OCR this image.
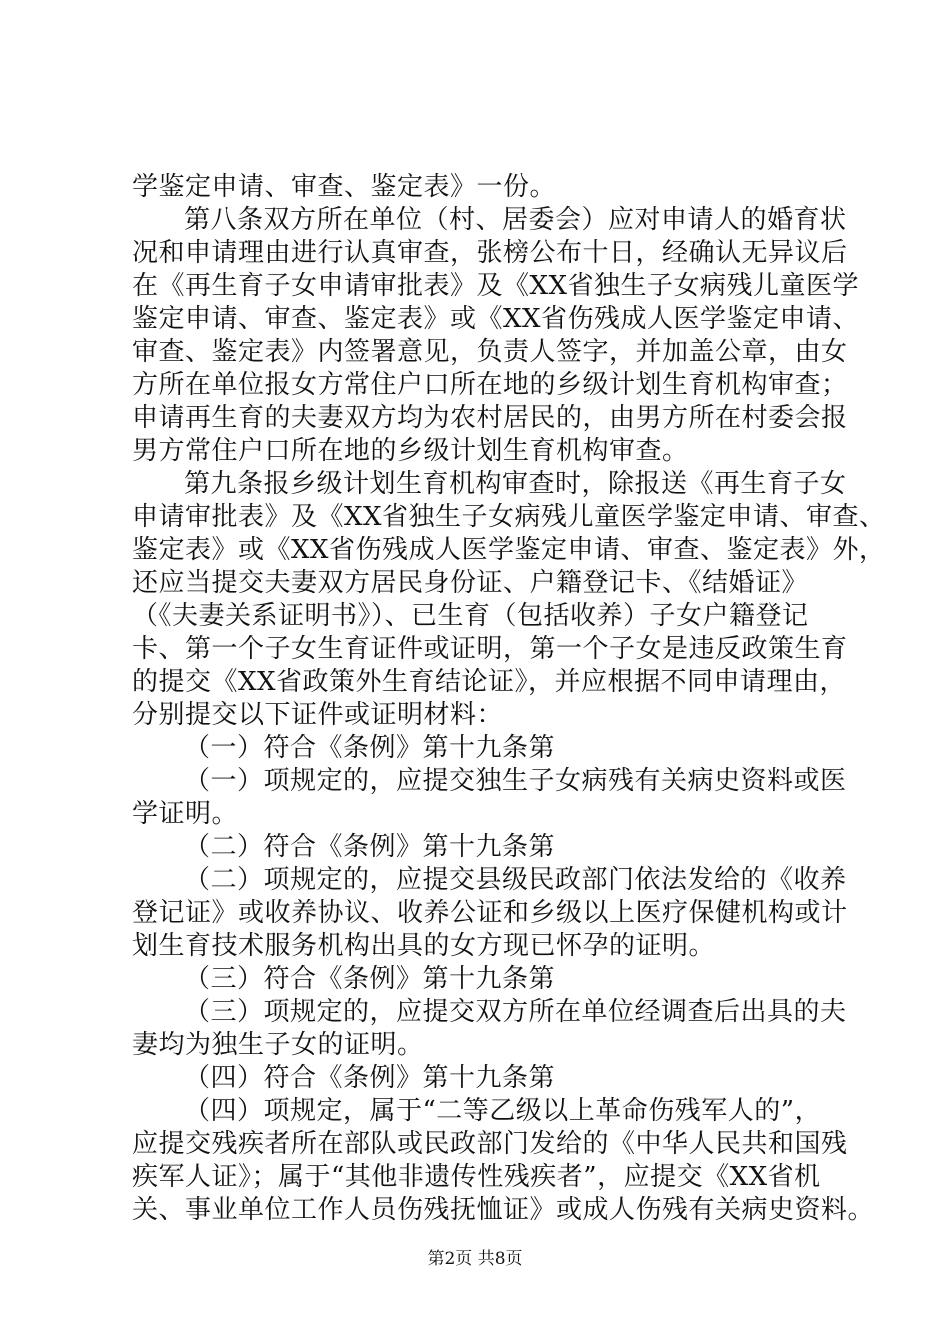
学鉴定申请、审查、鉴定表》一份。
第八条双方所在单位（村、居委会）应对申请人的婚育状
况和申请理由进行认真审查，张榜公布十日，经确认无异议后
在《再生育子女申请审批表》及《XX省独生子女病残儿童医学
鉴定申请、审查、鉴定表》或《XX省伤残成人医学鉴定申请、
审查、鉴定表》内签署意见，负责人签字，并加盖公章，由女
方所在单位报女方常住户口所在地的乡级计划生育机构审查；
申请再生育的夫妻双方均为农村居民的，由男方所在村委会报
男方常住户口所在地的乡级计划生育机构审查。
第九条报乡级计划生育机构审查时，除报送《再生育子女
申请审批表》及《XX省独生子女病残儿童医学鉴定申请、审查、
鉴定表》或《XX省伤残成人医学鉴定申请、审查、鉴定表》外，
还应当提交夫妻双方居民身份证、户籍登记卡、《结婚证》
（《夫妻关系证明书》）、已生育（包括收养）子女户籍登记
卡、第一个子女生育证件或证明，第一个子女是违反政策生育
的提交《XX省政策外生育结论证》，并应根据不同申请理由，
分别提交以下证件或证明材料：
（一）符合《条例》第十九条第
（一）项规定的，应提交独生子女病残有关病史资料或医
学证明。
（二）符合《条例》第十九条第
（二）项规定的，应提交县级民政部门依法发给的《收养
登记证》或收养协议、收养公证和乡级以上医疗保健机构或计
划生育技术服务机构出具的女方现已怀孕的证明。
（三）符合《条例》第十九条第
（三）项规定的，应提交双方所在单位经调查后出具的夫
妻均为独生子女的证明。
（四）符合《条例》第十九条第
（四）项规定，属于“二等乙级以上革命伤残军人的”，
应提交残疾者所在部队或民政部门发给的《中华人民共和国残
疾军人证》；属于“其他非遗传性残疾者”，应提交《XX省机
关、事业单位工作人员伤残抚恤证》或成人伤残有关病史资料。
第2页 共8页
